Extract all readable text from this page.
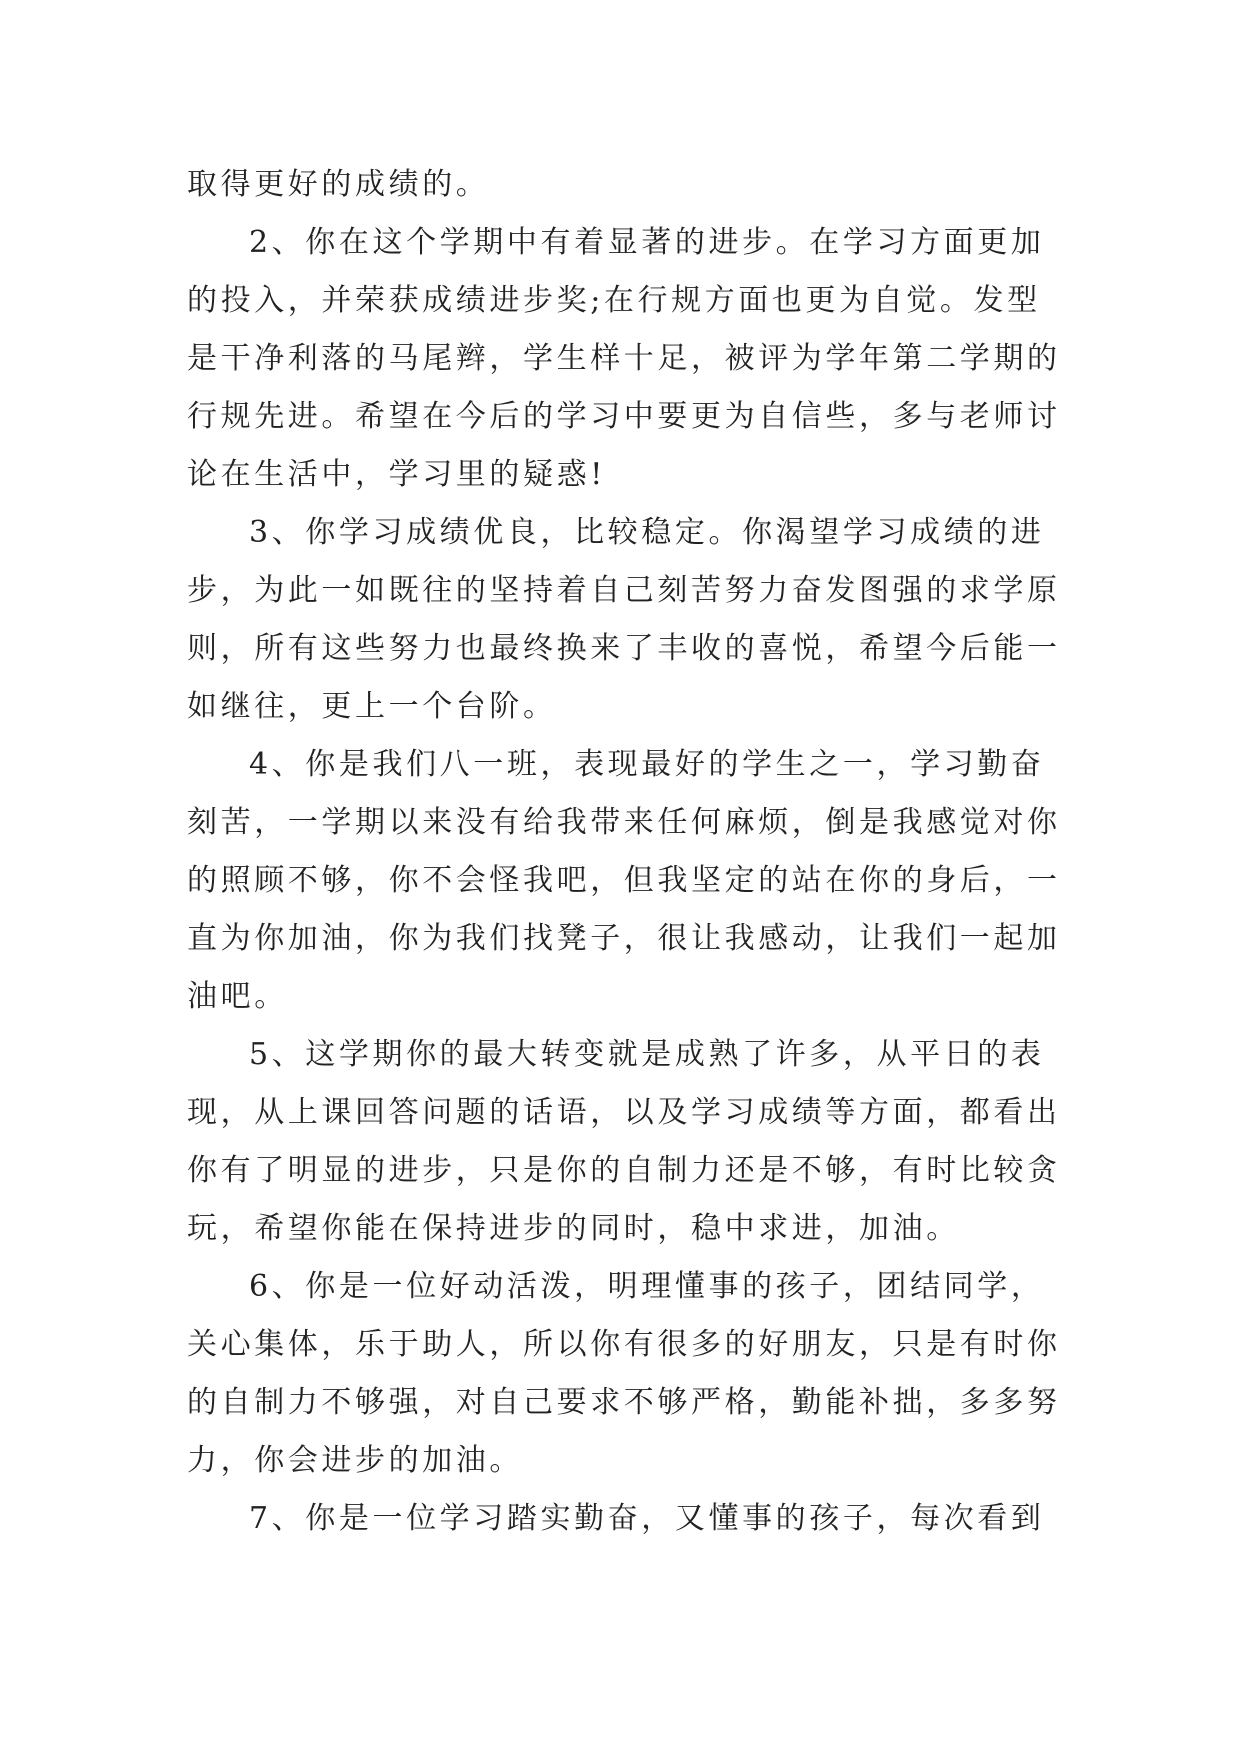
取得更好的成绩的。
2、你在这个学期中有着显著的进步。在学习方面更加
的投入，并荣获成绩进步奖;在行规方面也更为自觉。发型
是干净利落的马尾辫，学生样十足，被评为学年第二学期的
行规先进。希望在今后的学习中要更为自信些，多与老师讨
论在生活中，学习里的疑惑!
3、你学习成绩优良，比较稳定。你渴望学习成绩的进
步，为此一如既往的坚持着自己刻苦努力奋发图强的求学原
则，所有这些努力也最终换来了丰收的喜悦，希望今后能一
如继往，更上一个台阶。
4、你是我们八一班，表现最好的学生之一，学习勤奋
刻苦，一学期以来没有给我带来任何麻烦，倒是我感觉对你
的照顾不够，你不会怪我吧，但我坚定的站在你的身后，一
直为你加油，你为我们找凳子，很让我感动，让我们一起加
油吧。
5、这学期你的最大转变就是成熟了许多，从平日的表
现，从上课回答问题的话语，以及学习成绩等方面，都看出
你有了明显的进步，只是你的自制力还是不够，有时比较贪
玩，希望你能在保持进步的同时，稳中求进，加油。
6、你是一位好动活泼，明理懂事的孩子，团结同学，
关心集体，乐于助人，所以你有很多的好朋友，只是有时你
的自制力不够强，对自己要求不够严格，勤能补拙，多多努
力，你会进步的加油。
7、你是一位学习踏实勤奋，又懂事的孩子，每次看到
